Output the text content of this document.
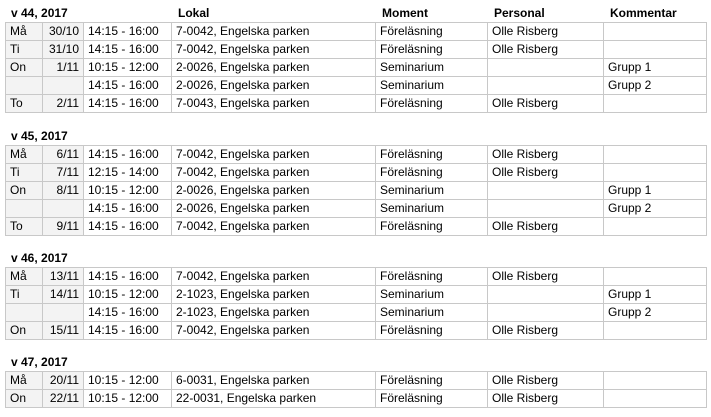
v 44, 2017	Lokal	Moment	Personal	Kommentar
Må	30/10	14:15 - 16:00	7-0042, Engelska parken	Föreläsning	Olle Risberg	
Ti	31/10	14:15 - 16:00	7-0042, Engelska parken	Föreläsning	Olle Risberg	
On	1/11	10:15 - 12:00	2-0026, Engelska parken	Seminarium		Grupp 1
		14:15 - 16:00	2-0026, Engelska parken	Seminarium		Grupp 2
To	2/11	14:15 - 16:00	7-0043, Engelska parken	Föreläsning	Olle Risberg	
v 45, 2017
Må	6/11	14:15 - 16:00	7-0042, Engelska parken	Föreläsning	Olle Risberg	
Ti	7/11	12:15 - 14:00	7-0042, Engelska parken	Föreläsning	Olle Risberg	
On	8/11	10:15 - 12:00	2-0026, Engelska parken	Seminarium		Grupp 1
		14:15 - 16:00	2-0026, Engelska parken	Seminarium		Grupp 2
To	9/11	14:15 - 16:00	7-0042, Engelska parken	Föreläsning	Olle Risberg	
v 46, 2017
Må	13/11	14:15 - 16:00	7-0042, Engelska parken	Föreläsning	Olle Risberg	
Ti	14/11	10:15 - 12:00	2-1023, Engelska parken	Seminarium		Grupp 1
		14:15 - 16:00	2-1023, Engelska parken	Seminarium		Grupp 2
On	15/11	14:15 - 16:00	7-0042, Engelska parken	Föreläsning	Olle Risberg	
v 47, 2017
Må	20/11	10:15 - 12:00	6-0031, Engelska parken	Föreläsning	Olle Risberg	
On	22/11	10:15 - 12:00	22-0031, Engelska parken	Föreläsning	Olle Risberg	
